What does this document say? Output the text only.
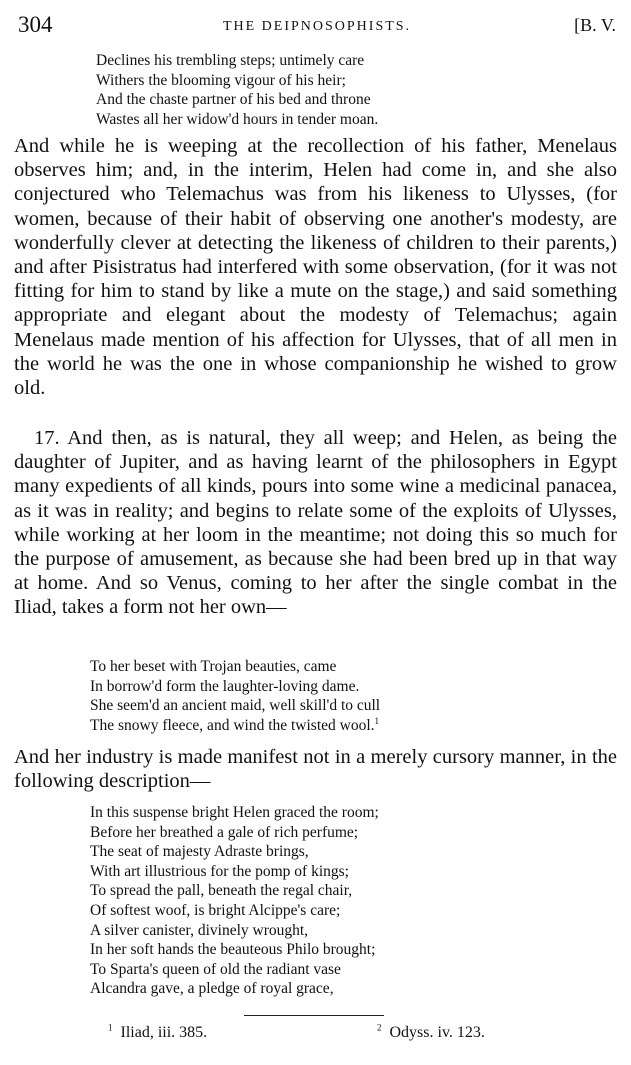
304	THE DEIPNOSOPHISTS.	[B. V.
Declines his trembling steps; untimely care
Withers the blooming vigour of his heir;
And the chaste partner of his bed and throne
Wastes all her widow'd hours in tender moan.

And while he is weeping at the recollection of his father, Menelaus observes him; and, in the interim, Helen had come in, and she also conjectured who Telemachus was from his likeness to Ulysses, (for women, because of their habit of observing one another's modesty, are wonderfully clever at detecting the likeness of children to their parents,) and after Pisistratus had interfered with some observation, (for it was not fitting for him to stand by like a mute on the stage,) and said something appropriate and elegant about the modesty of Telemachus; again Menelaus made mention of his affection for Ulysses, that of all men in the world he was the one in whose companionship he wished to grow old.

17. And then, as is natural, they all weep; and Helen, as being the daughter of Jupiter, and as having learnt of the philosophers in Egypt many expedients of all kinds, pours into some wine a medicinal panacea, as it was in reality; and begins to relate some of the exploits of Ulysses, while working at her loom in the meantime; not doing this so much for the purpose of amusement, as because she had been bred up in that way at home. And so Venus, coming to her after the single combat in the Iliad, takes a form not her own—

To her beset with Trojan beauties, came
In borrow'd form the laughter-loving dame.
She seem'd an ancient maid, well skill'd to cull
The snowy fleece, and wind the twisted wool.$^1$

And her industry is made manifest not in a merely cursory manner, in the following description—

In this suspense bright Helen graced the room;
Before her breathed a gale of rich perfume;
The seat of majesty Adraste brings,
With art illustrious for the pomp of kings;
To spread the pall, beneath the regal chair,
Of softest woof, is bright Alcippe's care;
A silver canister, divinely wrought,
In her soft hands the beauteous Philo brought;
To Sparta's queen of old the radiant vase
Alcandra gave, a pledge of royal grace,
$^1$ Iliad, iii. 385.	$^2$ Odyss. iv. 123.
